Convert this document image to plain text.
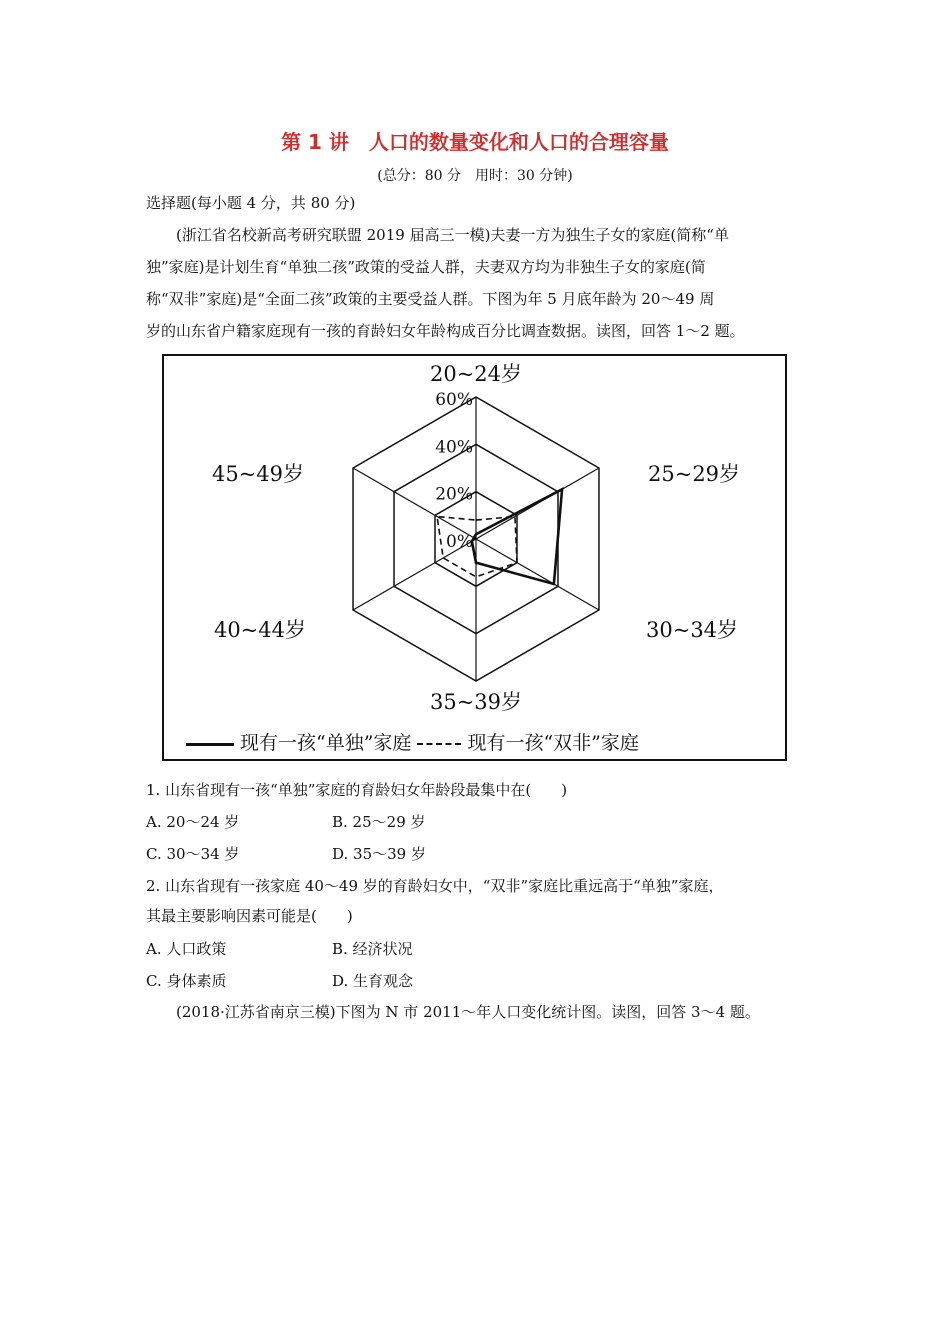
第 1 讲　人口的数量变化和人口的合理容量
(总分：80 分　用时：30 分钟)
选择题(每小题 4 分，共 80 分)
(浙江省名校新高考研究联盟 2019 届高三一模)夫妻一方为独生子女的家庭(简称“单
独”家庭)是计划生育“单独二孩”政策的受益人群，夫妻双方均为非独生子女的家庭(简
称“双非”家庭)是“全面二孩”政策的主要受益人群。下图为年 5 月底年龄为 20～49 周
岁的山东省户籍家庭现有一孩的育龄妇女年龄构成百分比调查数据。读图，回答 1～2 题。
0%
20%
40%
60%
20~24岁
25~29岁
30~34岁
35~39岁
40~44岁
45~49岁
现有一孩“单独”家庭	现有一孩“双非”家庭
1. 山东省现有一孩“单独”家庭的育龄妇女年龄段最集中在(　　)
A. 20～24 岁	B. 25～29 岁
C. 30～34 岁	D. 35～39 岁
2. 山东省现有一孩家庭 40～49 岁的育龄妇女中，“双非”家庭比重远高于“单独”家庭，
其最主要影响因素可能是(　　)
A. 人口政策	B. 经济状况
C. 身体素质	D. 生育观念
(2018·江苏省南京三模)下图为 N 市 2011～年人口变化统计图。读图，回答 3～4 题。
